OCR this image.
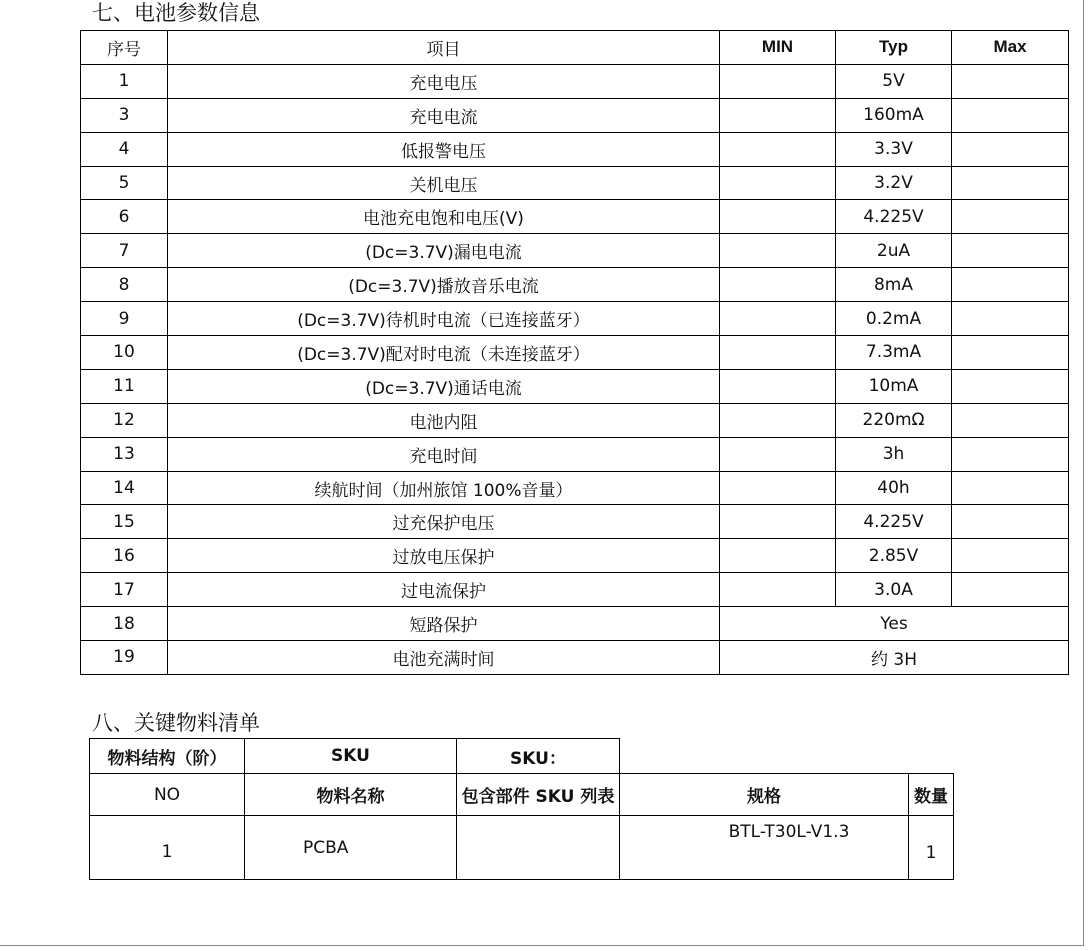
七、电池参数信息
序号	项目	MIN	Typ	Max
1	充电电压		5V	
3	充电电流		160mA	
4	低报警电压		3.3V	
5	关机电压		3.2V	
6	电池充电饱和电压(V)		4.225V	
7	(Dc=3.7V)漏电电流		2uA	
8	(Dc=3.7V)播放音乐电流		8mA	
9	(Dc=3.7V)待机时电流（已连接蓝牙）		0.2mA	
10	(Dc=3.7V)配对时电流（未连接蓝牙）		7.3mA	
11	(Dc=3.7V)通话电流		10mA	
12	电池内阻		220mΩ	
13	充电时间		3h	
14	续航时间（加州旅馆 100%音量）		40h	
15	过充保护电压		4.225V	
16	过放电压保护		2.85V	
17	过电流保护		3.0A	
18	短路保护	Yes		
19	电池充满时间	约 3H		
八、关键物料清单
物料结构（阶）	SKU	SKU：		
NO	物料名称	包含部件 SKU 列表	规格	数量
1	PCBA		BTL-T30L-V1.3	1
